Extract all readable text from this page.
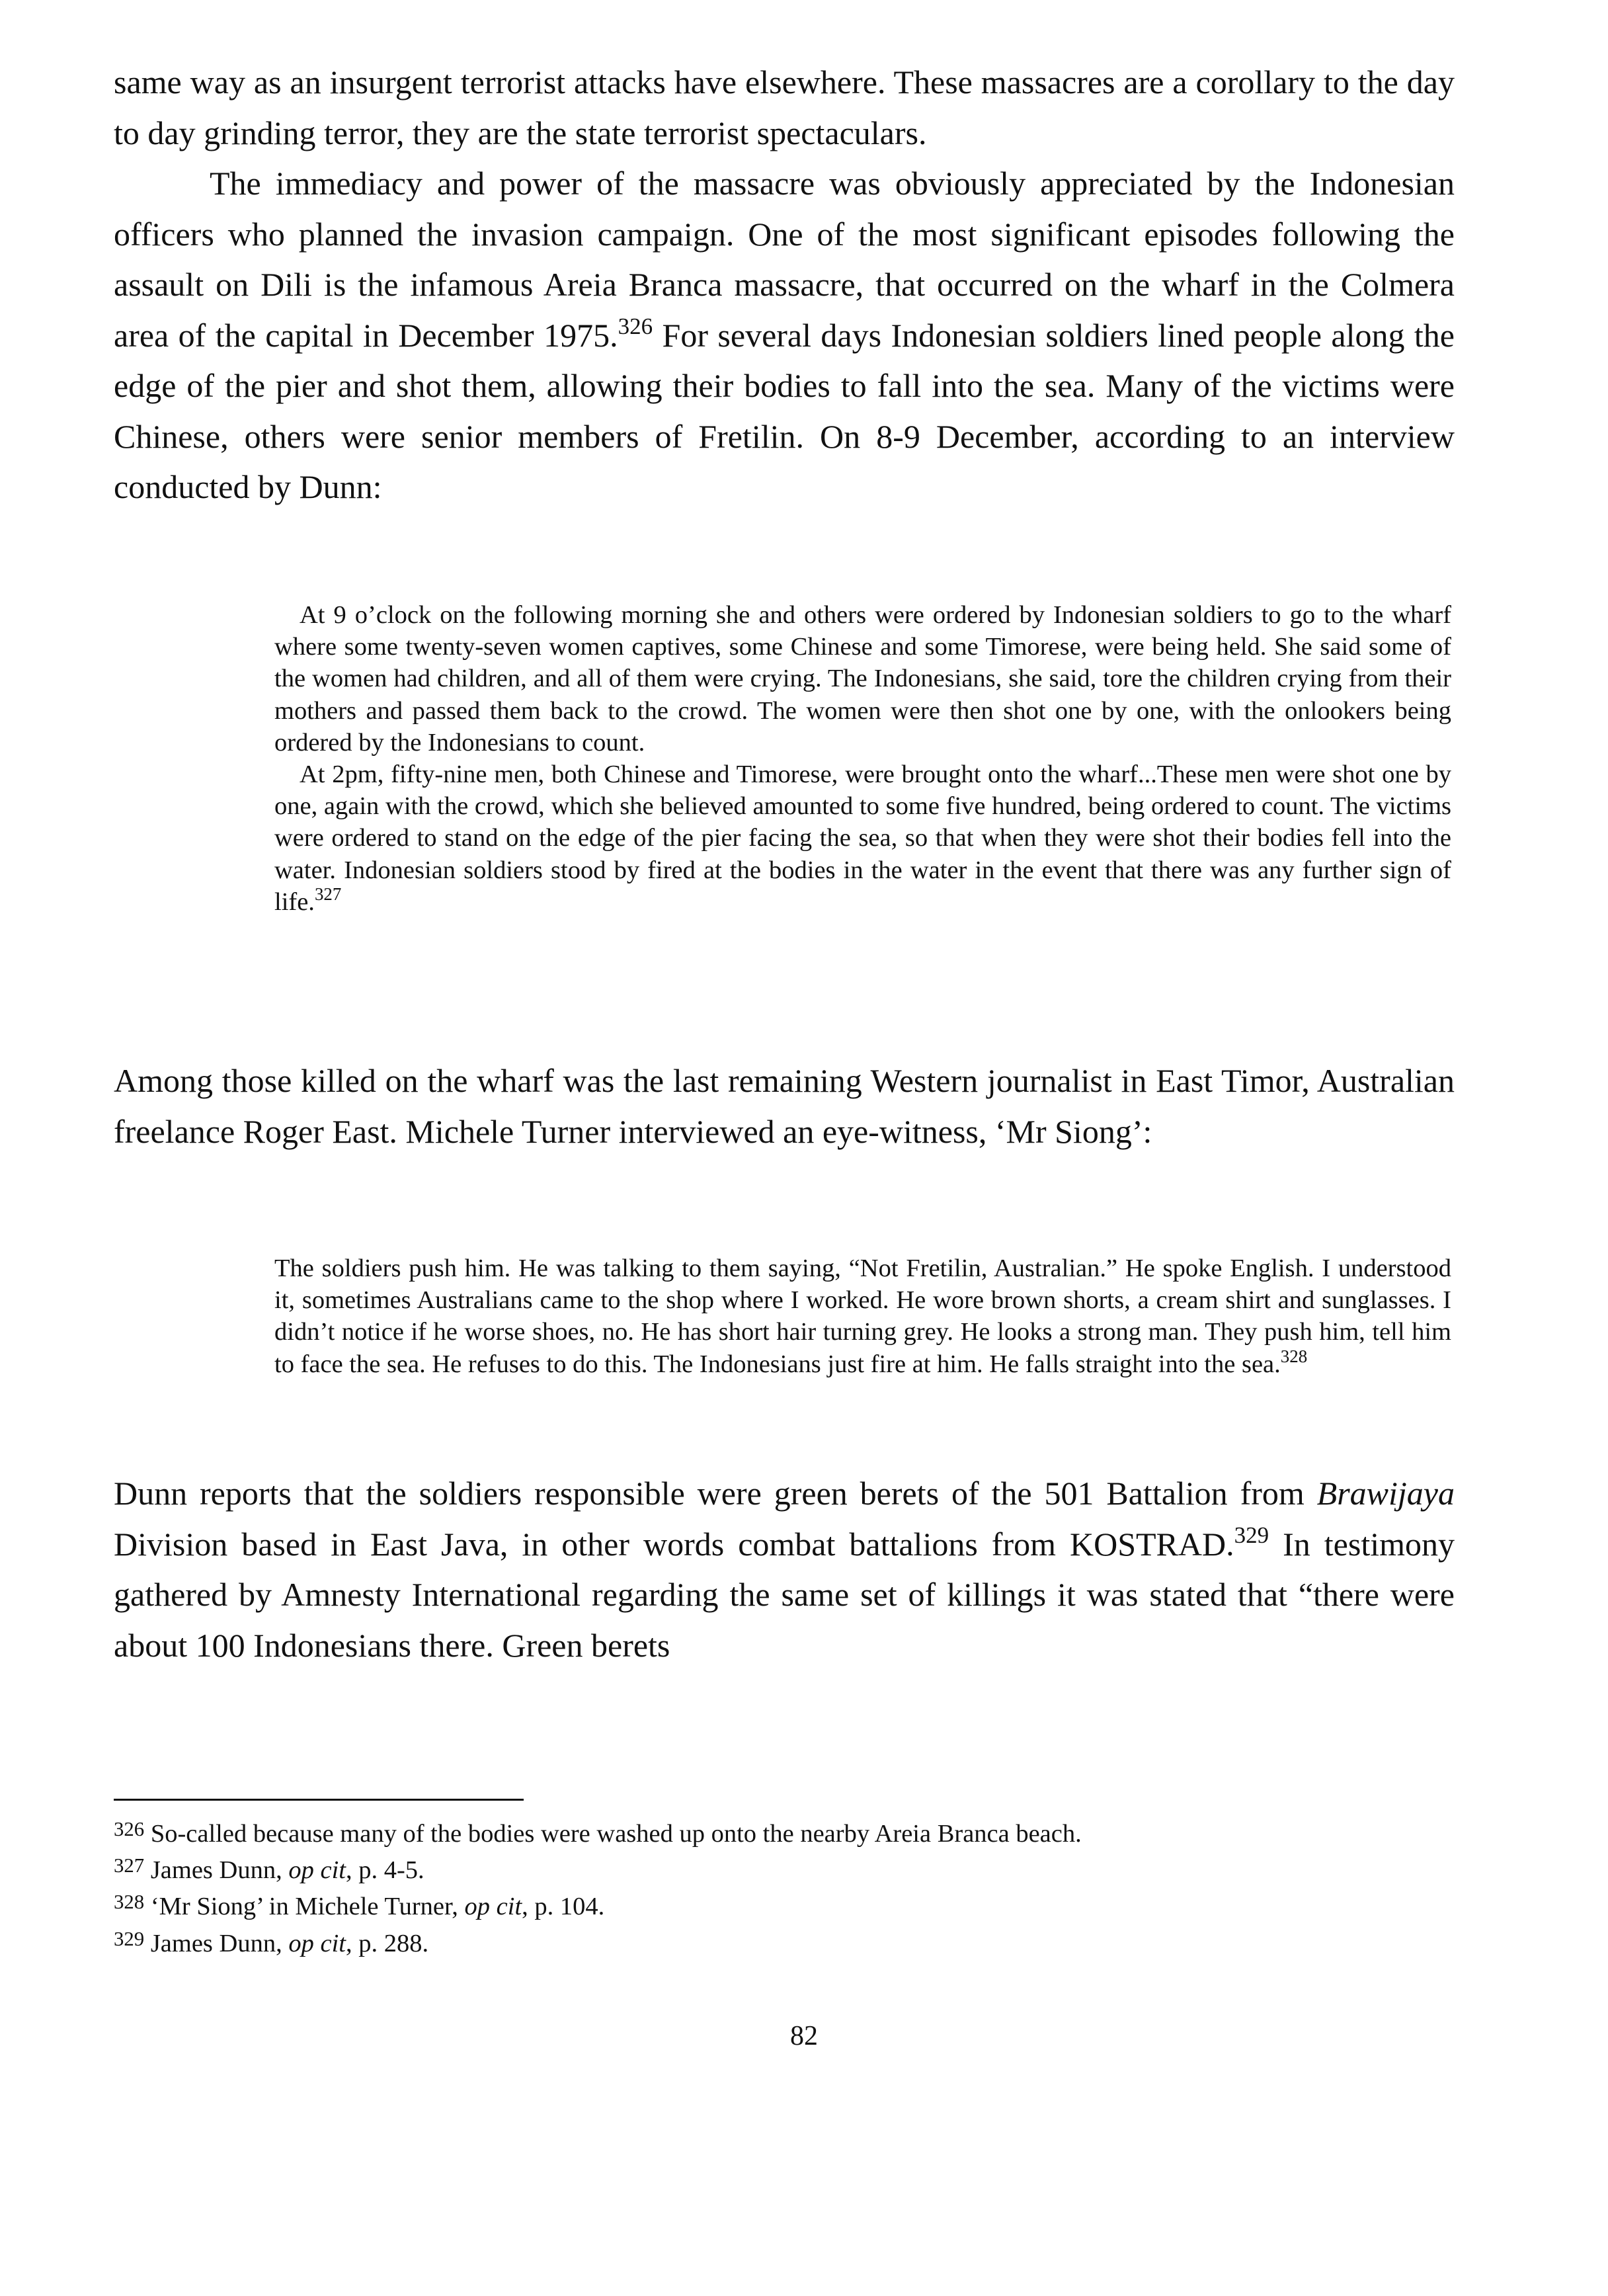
same way as an insurgent terrorist attacks have elsewhere. These massacres are a corollary to the day to day grinding terror, they are the state terrorist spectaculars.

The immediacy and power of the massacre was obviously appreciated by the Indonesian officers who planned the invasion campaign. One of the most significant episodes following the assault on Dili is the infamous Areia Branca massacre, that occurred on the wharf in the Colmera area of the capital in December 1975.$^{326}$ For several days Indonesian soldiers lined people along the edge of the pier and shot them, allowing their bodies to fall into the sea. Many of the victims were Chinese, others were senior members of Fretilin. On 8-9 December, according to an interview conducted by Dunn:

At 9 o’clock on the following morning she and others were ordered by Indonesian soldiers to go to the wharf where some twenty-seven women captives, some Chinese and some Timorese, were being held. She said some of the women had children, and all of them were crying. The Indonesians, she said, tore the children crying from their mothers and passed them back to the crowd. The women were then shot one by one, with the onlookers being ordered by the Indonesians to count.

At 2pm, fifty-nine men, both Chinese and Timorese, were brought onto the wharf...These men were shot one by one, again with the crowd, which she believed amounted to some five hundred, being ordered to count. The victims were ordered to stand on the edge of the pier facing the sea, so that when they were shot their bodies fell into the water. Indonesian soldiers stood by fired at the bodies in the water in the event that there was any further sign of life.$^{327}$

Among those killed on the wharf was the last remaining Western journalist in East Timor, Australian freelance Roger East. Michele Turner interviewed an eye-witness, ‘Mr Siong’:

The soldiers push him. He was talking to them saying, “Not Fretilin, Australian.” He spoke English. I understood it, sometimes Australians came to the shop where I worked. He wore brown shorts, a cream shirt and sunglasses. I didn’t notice if he worse shoes, no. He has short hair turning grey. He looks a strong man. They push him, tell him to face the sea. He refuses to do this. The Indonesians just fire at him. He falls straight into the sea.$^{328}$

Dunn reports that the soldiers responsible were green berets of the 501 Battalion from Brawijaya Division based in East Java, in other words combat battalions from KOSTRAD.$^{329}$ In testimony gathered by Amnesty International regarding the same set of killings it was stated that “there were about 100 Indonesians there. Green berets

$^{326}$ So-called because many of the bodies were washed up onto the nearby Areia Branca beach.
$^{327}$ James Dunn, op cit, p. 4-5.
$^{328}$ ‘Mr Siong’ in Michele Turner, op cit, p. 104.
$^{329}$ James Dunn, op cit, p. 288.
82
